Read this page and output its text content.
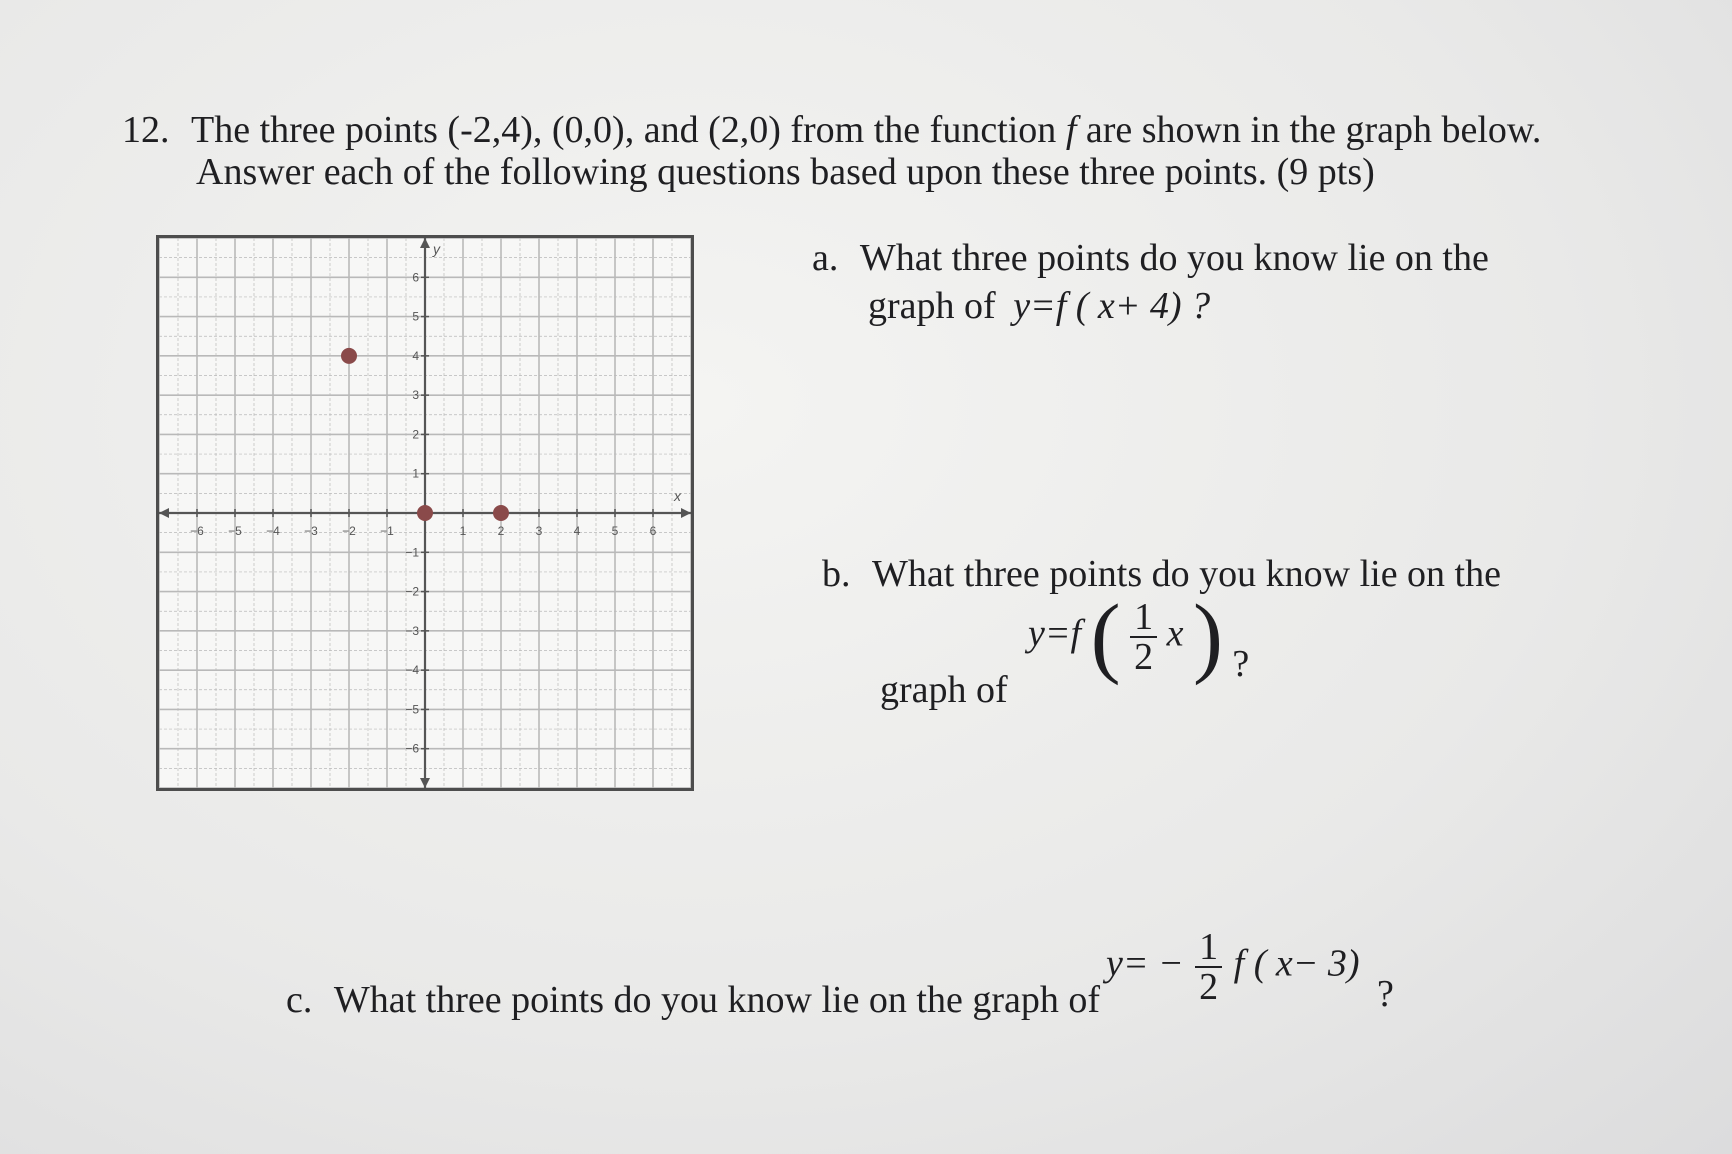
12. The three points (-2,4), (0,0), and (2,0) from the function f are shown in the graph below.
Answer each of the following questions based upon these three points. (9 pts)
x
y
−6 −5 −4 −3 −2 −1	1	2	3	4	5	6
−6
−5
−4
−3
−2
−1
1
2
3
4
5
6	a. What three points do you know lie on the
graph of y=f ( x+ 4) ?
b. What three points do you know lie on the
graph of
y=f ( $\frac{1}{2}$ x ) ?
c. What three points do you know lie on the graph of
$y= - \frac{1}{2}$ f ( x− 3) ?
